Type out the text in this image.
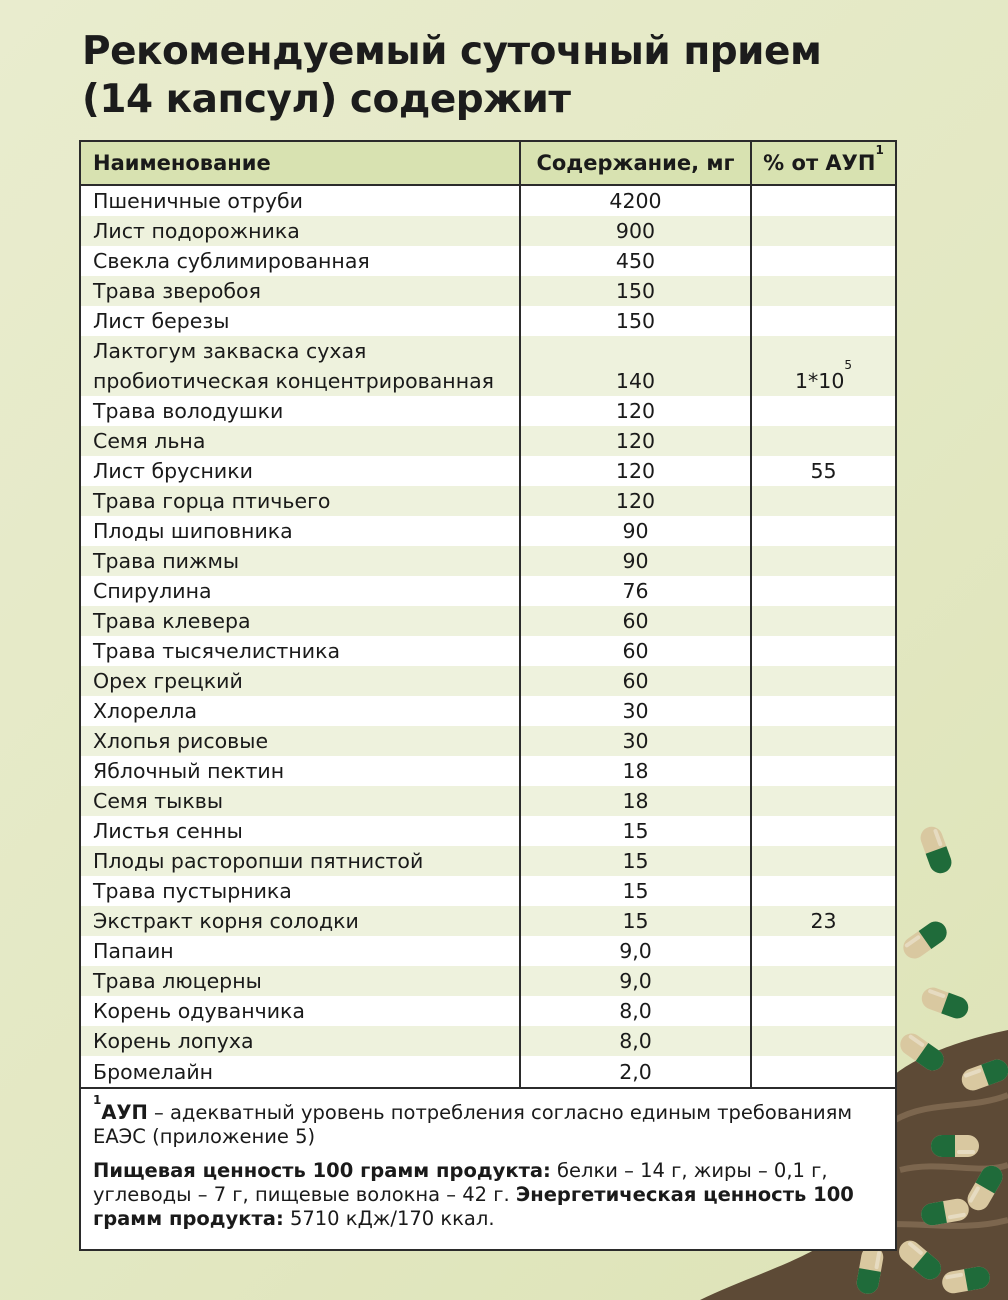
Рекомендуемый суточный прием
(14 капсул) содержит
Наименование	Содержание, мг	% от АУП$^1$
Пшеничные отруби	4200	
Лист подорожника	900	
Свекла сублимированная	450	
Трава зверобоя	150	
Лист березы	150	

Лактогум закваска сухая
пробиотическая концентрированная	140	$1*10^5$
Трава володушки	120	
Семя льна	120	
Лист брусники	120	55
Трава горца птичьего	120	
Плоды шиповника	90	
Трава пижмы	90	
Спирулина	76	
Трава клевера	60	
Трава тысячелистника	60	
Орех грецкий	60	
Хлорелла	30	
Хлопья рисовые	30	
Яблочный пектин	18	
Семя тыквы	18	
Листья сенны	15	
Плоды расторопши пятнистой	15	
Трава пустырника	15	
Экстракт корня солодки	15	23
Папаин	9,0	
Трава люцерны	9,0	
Корень одуванчика	8,0	
Корень лопуха	8,0	
Бромелайн	2,0	

$^1$АУП – адекватный уровень потребления согласно единым требованиям ЕАЭС (приложение 5)

Пищевая ценность 100 грамм продукта: белки – 14 г, жиры – 0,1 г, углеводы – 7 г, пищевые волокна – 42 г. Энергетическая ценность 100 грамм продукта: 5710 кДж/170 ккал.
